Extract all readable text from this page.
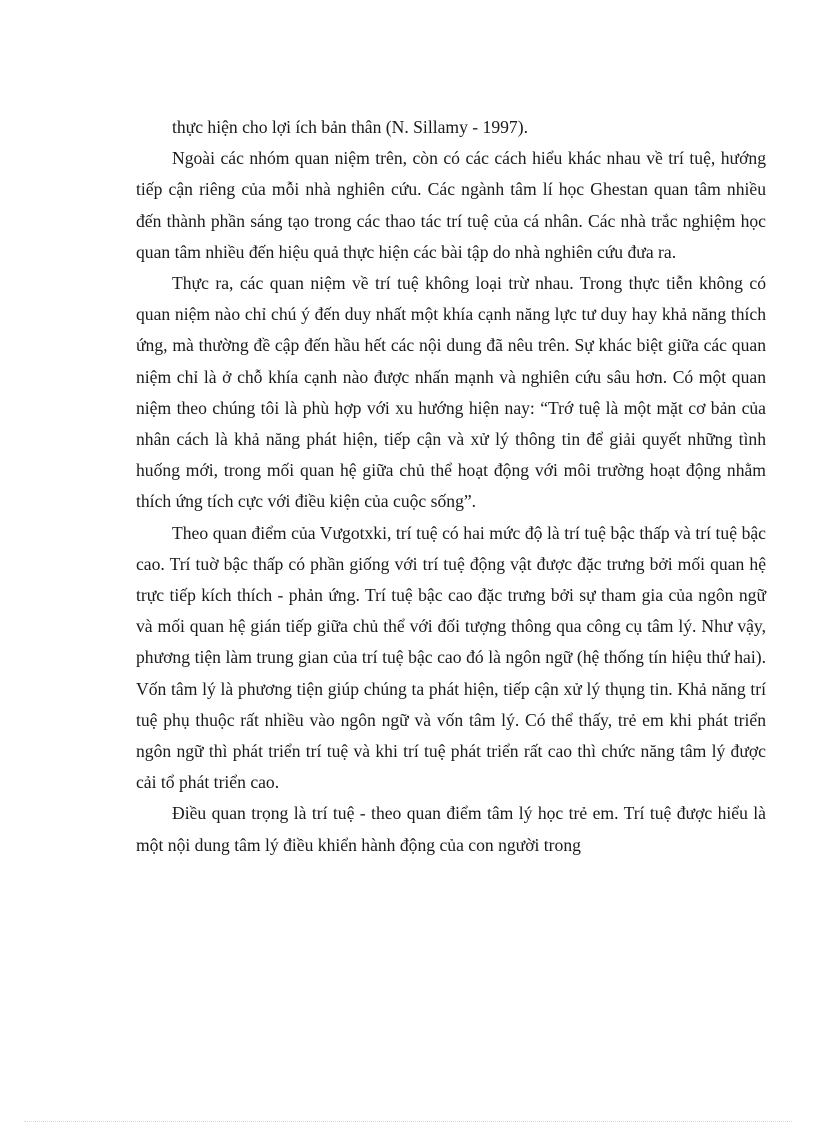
thực hiện cho lợi ích bản thân (N. Sillamy - 1997).

Ngoài các nhóm quan niệm trên, còn có các cách hiểu khác nhau về trí tuệ, hướng tiếp cận riêng của mỗi nhà nghiên cứu. Các ngành tâm lí học Ghestan quan tâm nhiều đến thành phần sáng tạo trong các thao tác trí tuệ của cá nhân. Các nhà trắc nghiệm học quan tâm nhiều đến hiệu quả thực hiện các bài tập do nhà nghiên cứu đưa ra.

Thực ra, các quan niệm về trí tuệ không loại trừ nhau. Trong thực tiễn không có quan niệm nào chỉ chú ý đến duy nhất một khía cạnh năng lực tư duy hay khả năng thích ứng, mà thường đề cập đến hầu hết các nội dung đã nêu trên. Sự khác biệt giữa các quan niệm chỉ là ở chỗ khía cạnh nào được nhấn mạnh và nghiên cứu sâu hơn. Có một quan niệm theo chúng tôi là phù hợp với xu hướng hiện nay: “Trớ tuệ là một mặt cơ bản của nhân cách là khả năng phát hiện, tiếp cận và xử lý thông tin để giải quyết những tình huống mới, trong mối quan hệ giữa chủ thể hoạt động với môi trường hoạt động nhằm thích ứng tích cực với điều kiện của cuộc sống”.

Theo quan điểm của Vưgotxki, trí tuệ có hai mức độ là trí tuệ bậc thấp và trí tuệ bậc cao. Trí tuờ bậc thấp có phần giống với trí tuệ động vật được đặc trưng bởi mối quan hệ trực tiếp kích thích - phản ứng. Trí tuệ bậc cao đặc trưng bởi sự tham gia của ngôn ngữ và mối quan hệ gián tiếp giữa chủ thể với đối tượng thông qua công cụ tâm lý. Như vậy, phương tiện làm trung gian của trí tuệ bậc cao đó là ngôn ngữ (hệ thống tín hiệu thứ hai). Vốn tâm lý là phương tiện giúp chúng ta phát hiện, tiếp cận xử lý thụng tin. Khả năng trí tuệ phụ thuộc rất nhiều vào ngôn ngữ và vốn tâm lý. Có thể thấy, trẻ em khi phát triển ngôn ngữ thì phát triển trí tuệ và khi trí tuệ phát triển rất cao thì chức năng tâm lý được cải tổ phát triển cao.

Điều quan trọng là trí tuệ - theo quan điểm tâm lý học trẻ em. Trí tuệ được hiểu là một nội dung tâm lý điều khiển hành động của con người trong
